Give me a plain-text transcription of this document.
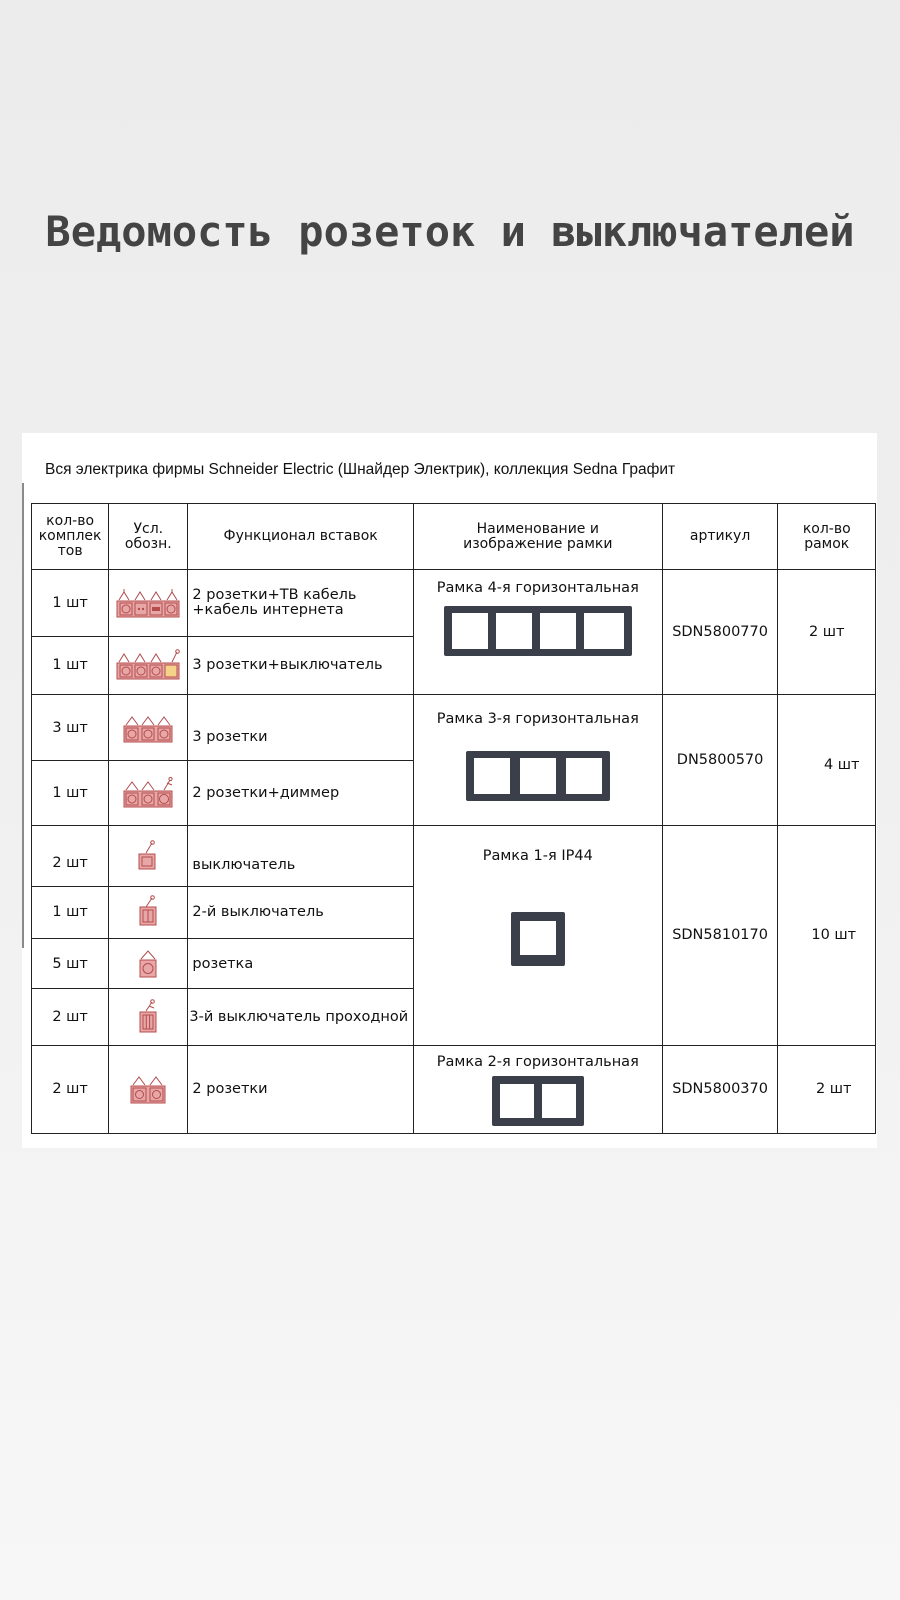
Ведомость розеток и выключателей
Вся электрика фирмы Schneider Electric (Шнайдер Электрик), коллекция Sedna Графит
кол-во комплек тов	Усл. обозн.	Функционал вставок	Наименование и изображение рамки	артикул	кол-во рамок
1 шт		2 розетки+ТВ кабель +кабель интернета	Рамка 4-я горизонтальная	SDN5800770	2 шт
1 шт		3 розетки+выключатель			
3 шт		3 розетки	Рамка 3-я горизонтальная	DN5800570	4 шт
1 шт		2 розетки+диммер			
2 шт		выключатель	Рамка 1-я IP44	SDN5810170	10 шт
1 шт		2-й выключатель			
5 шт		розетка			
2 шт		3-й выключатель проходной			
2 шт		2 розетки	Рамка 2-я горизонтальная	SDN5800370	2 шт
